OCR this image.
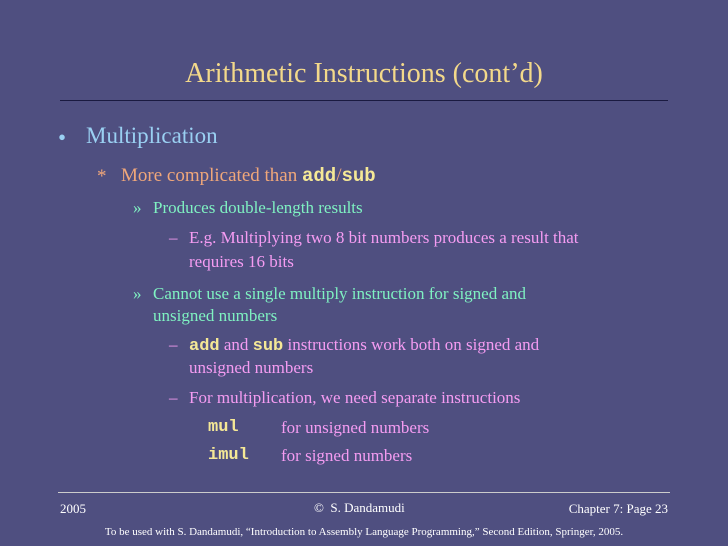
Arithmetic Instructions (cont’d)
• Multiplication
* More complicated than add/sub
» Produces double-length results
– E.g. Multiplying two 8 bit numbers produces a result that
requires 16 bits
» Cannot use a single multiply instruction for signed and
unsigned numbers
– add and sub instructions work both on signed and
unsigned numbers
– For multiplication, we need separate instructions
mul for unsigned numbers
imul for signed numbers
2005	© S. Dandamudi	Chapter 7: Page 23
To be used with S. Dandamudi, “Introduction to Assembly Language Programming,” Second Edition, Springer, 2005.
